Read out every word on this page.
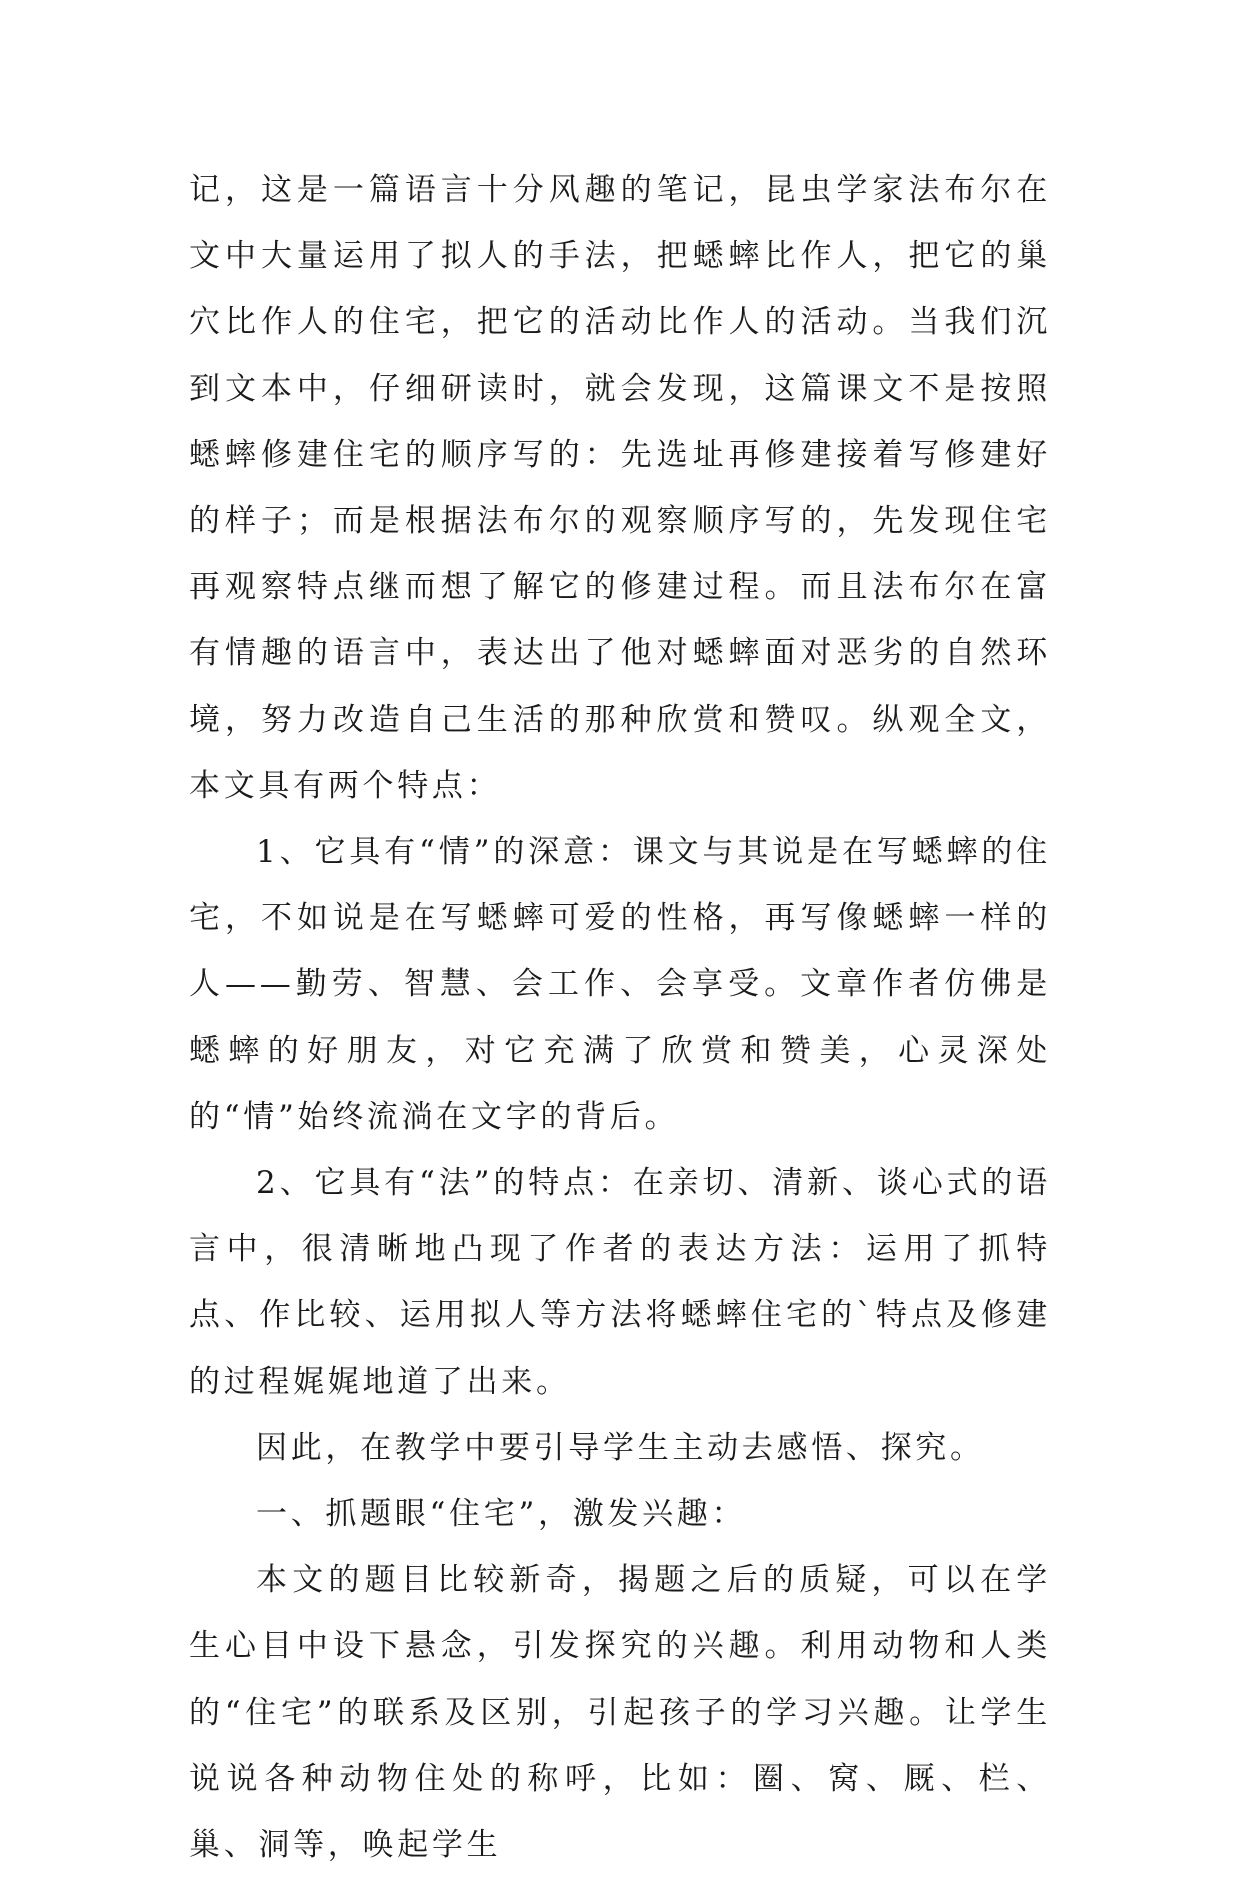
记，这是一篇语言十分风趣的笔记，昆虫学家法布尔在文中大量运用了拟人的手法，把蟋蟀比作人，把它的巢穴比作人的住宅，把它的活动比作人的活动。当我们沉到文本中，仔细研读时，就会发现，这篇课文不是按照蟋蟀修建住宅的顺序写的：先选址再修建接着写修建好的样子；而是根据法布尔的观察顺序写的，先发现住宅再观察特点继而想了解它的修建过程。而且法布尔在富有情趣的语言中，表达出了他对蟋蟀面对恶劣的自然环境，努力改造自己生活的那种欣赏和赞叹。纵观全文，本文具有两个特点：

1、它具有“情”的深意：课文与其说是在写蟋蟀的住宅，不如说是在写蟋蟀可爱的性格，再写像蟋蟀一样的人——勤劳、智慧、会工作、会享受。文章作者仿佛是蟋蟀的好朋友，对它充满了欣赏和赞美，心灵深处的“情”始终流淌在文字的背后。

2、它具有“法”的特点：在亲切、清新、谈心式的语言中，很清晰地凸现了作者的表达方法：运用了抓特点、作比较、运用拟人等方法将蟋蟀住宅的`特点及修建的过程娓娓地道了出来。

因此，在教学中要引导学生主动去感悟、探究。

一、抓题眼“住宅”，激发兴趣：

本文的题目比较新奇，揭题之后的质疑，可以在学生心目中设下悬念，引发探究的兴趣。利用动物和人类的“住宅”的联系及区别，引起孩子的学习兴趣。让学生说说各种动物住处的称呼，比如：圈、窝、厩、栏、巢、洞等，唤起学生
